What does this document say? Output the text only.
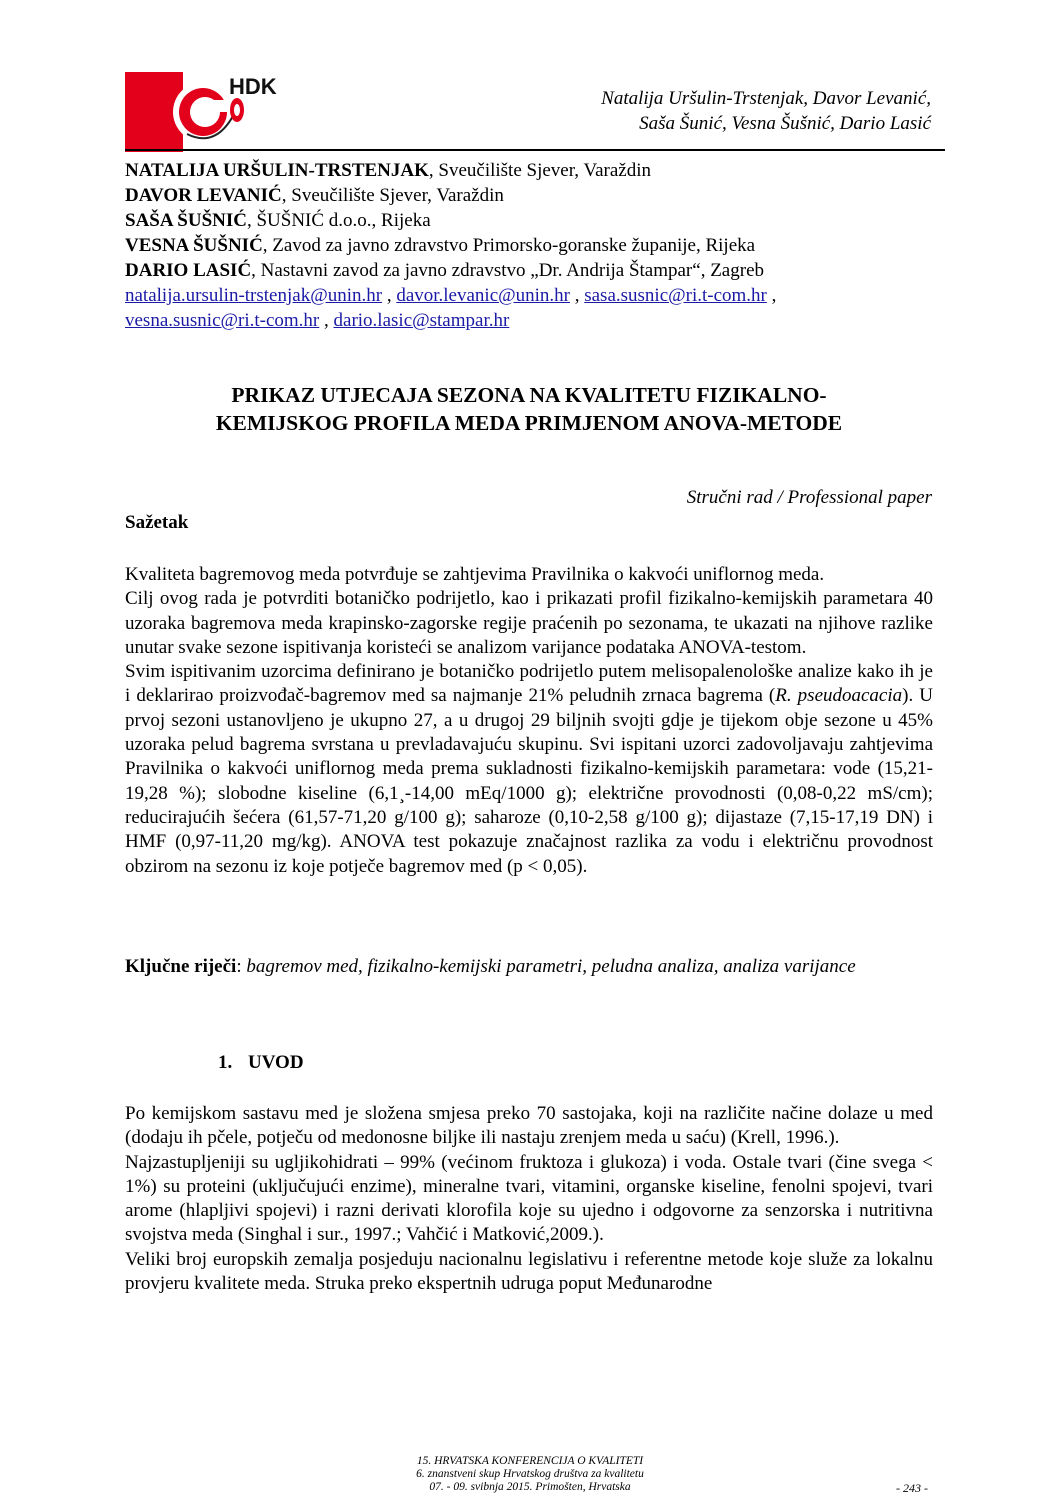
HDK	Natalija Uršulin-Trstenjak, Davor Levanić,
Saša Šunić, Vesna Šušnić, Dario Lasić
NATALIJA URŠULIN-TRSTENJAK, Sveučilište Sjever, Varaždin
DAVOR LEVANIĆ, Sveučilište Sjever, Varaždin
SAŠA ŠUŠNIĆ, ŠUŠNIĆ d.o.o., Rijeka
VESNA ŠUŠNIĆ, Zavod za javno zdravstvo Primorsko-goranske županije, Rijeka
DARIO LASIĆ, Nastavni zavod za javno zdravstvo „Dr. Andrija Štampar“, Zagreb
natalija.ursulin-trstenjak@unin.hr , davor.levanic@unin.hr , sasa.susnic@ri.t-com.hr ,
vesna.susnic@ri.t-com.hr , dario.lasic@stampar.hr
PRIKAZ UTJECAJA SEZONA NA KVALITETU FIZIKALNO-
KEMIJSKOG PROFILA MEDA PRIMJENOM ANOVA-METODE
Stručni rad / Professional paper
Sažetak

Kvaliteta bagremovog meda potvrđuje se zahtjevima Pravilnika o kakvoći uniflornog meda.

Cilj ovog rada je potvrditi botaničko podrijetlo, kao i prikazati profil fizikalno-kemijskih parametara 40 uzoraka bagremova meda krapinsko-zagorske regije praćenih po sezonama, te ukazati na njihove razlike unutar svake sezone ispitivanja koristeći se analizom varijance podataka ANOVA-testom.

Svim ispitivanim uzorcima definirano je botaničko podrijetlo putem melisopalenološke analize kako ih je i deklarirao proizvođač-bagremov med sa najmanje 21% peludnih zrnaca bagrema (R. pseudoacacia). U prvoj sezoni ustanovljeno je ukupno 27, a u drugoj 29 biljnih svojti gdje je tijekom obje sezone u 45% uzoraka pelud bagrema svrstana u prevladavajuću skupinu. Svi ispitani uzorci zadovoljavaju zahtjevima Pravilnika o kakvoći uniflornog meda prema sukladnosti fizikalno-kemijskih parametara: vode (15,21-19,28 %); slobodne kiseline (6,1¸-14,00 mEq/1000 g); električne provodnosti (0,08-0,22 mS/cm); reducirajućih šećera (61,57-71,20 g/100 g); saharoze (0,10-2,58 g/100 g); dijastaze (7,15-17,19 DN) i HMF (0,97-11,20 mg/kg). ANOVA test pokazuje značajnost razlika za vodu i električnu provodnost obzirom na sezonu iz koje potječe bagremov med (p < 0,05).

Ključne riječi: bagremov med, fizikalno-kemijski parametri, peludna analiza, analiza varijance
1. UVOD

Po kemijskom sastavu med je složena smjesa preko 70 sastojaka, koji na različite načine dolaze u med (dodaju ih pčele, potječu od medonosne biljke ili nastaju zrenjem meda u saću) (Krell, 1996.).

Najzastupljeniji su ugljikohidrati – 99% (većinom fruktoza i glukoza) i voda. Ostale tvari (čine svega < 1%) su proteini (uključujući enzime), mineralne tvari, vitamini, organske kiseline, fenolni spojevi, tvari arome (hlapljivi spojevi) i razni derivati klorofila koje su ujedno i odgovorne za senzorska i nutritivna svojstva meda (Singhal i sur., 1997.; Vahčić i Matković,2009.).

Veliki broj europskih zemalja posjeduju nacionalnu legislativu i referentne metode koje služe za lokalnu provjeru kvalitete meda. Struka preko ekspertnih udruga poput Međunarodne

15. HRVATSKA KONFERENCIJA O KVALITETI
6. znanstveni skup Hrvatskog društva za kvalitetu
07. - 09. svibnja 2015. Primošten, Hrvatska	- 243 -
